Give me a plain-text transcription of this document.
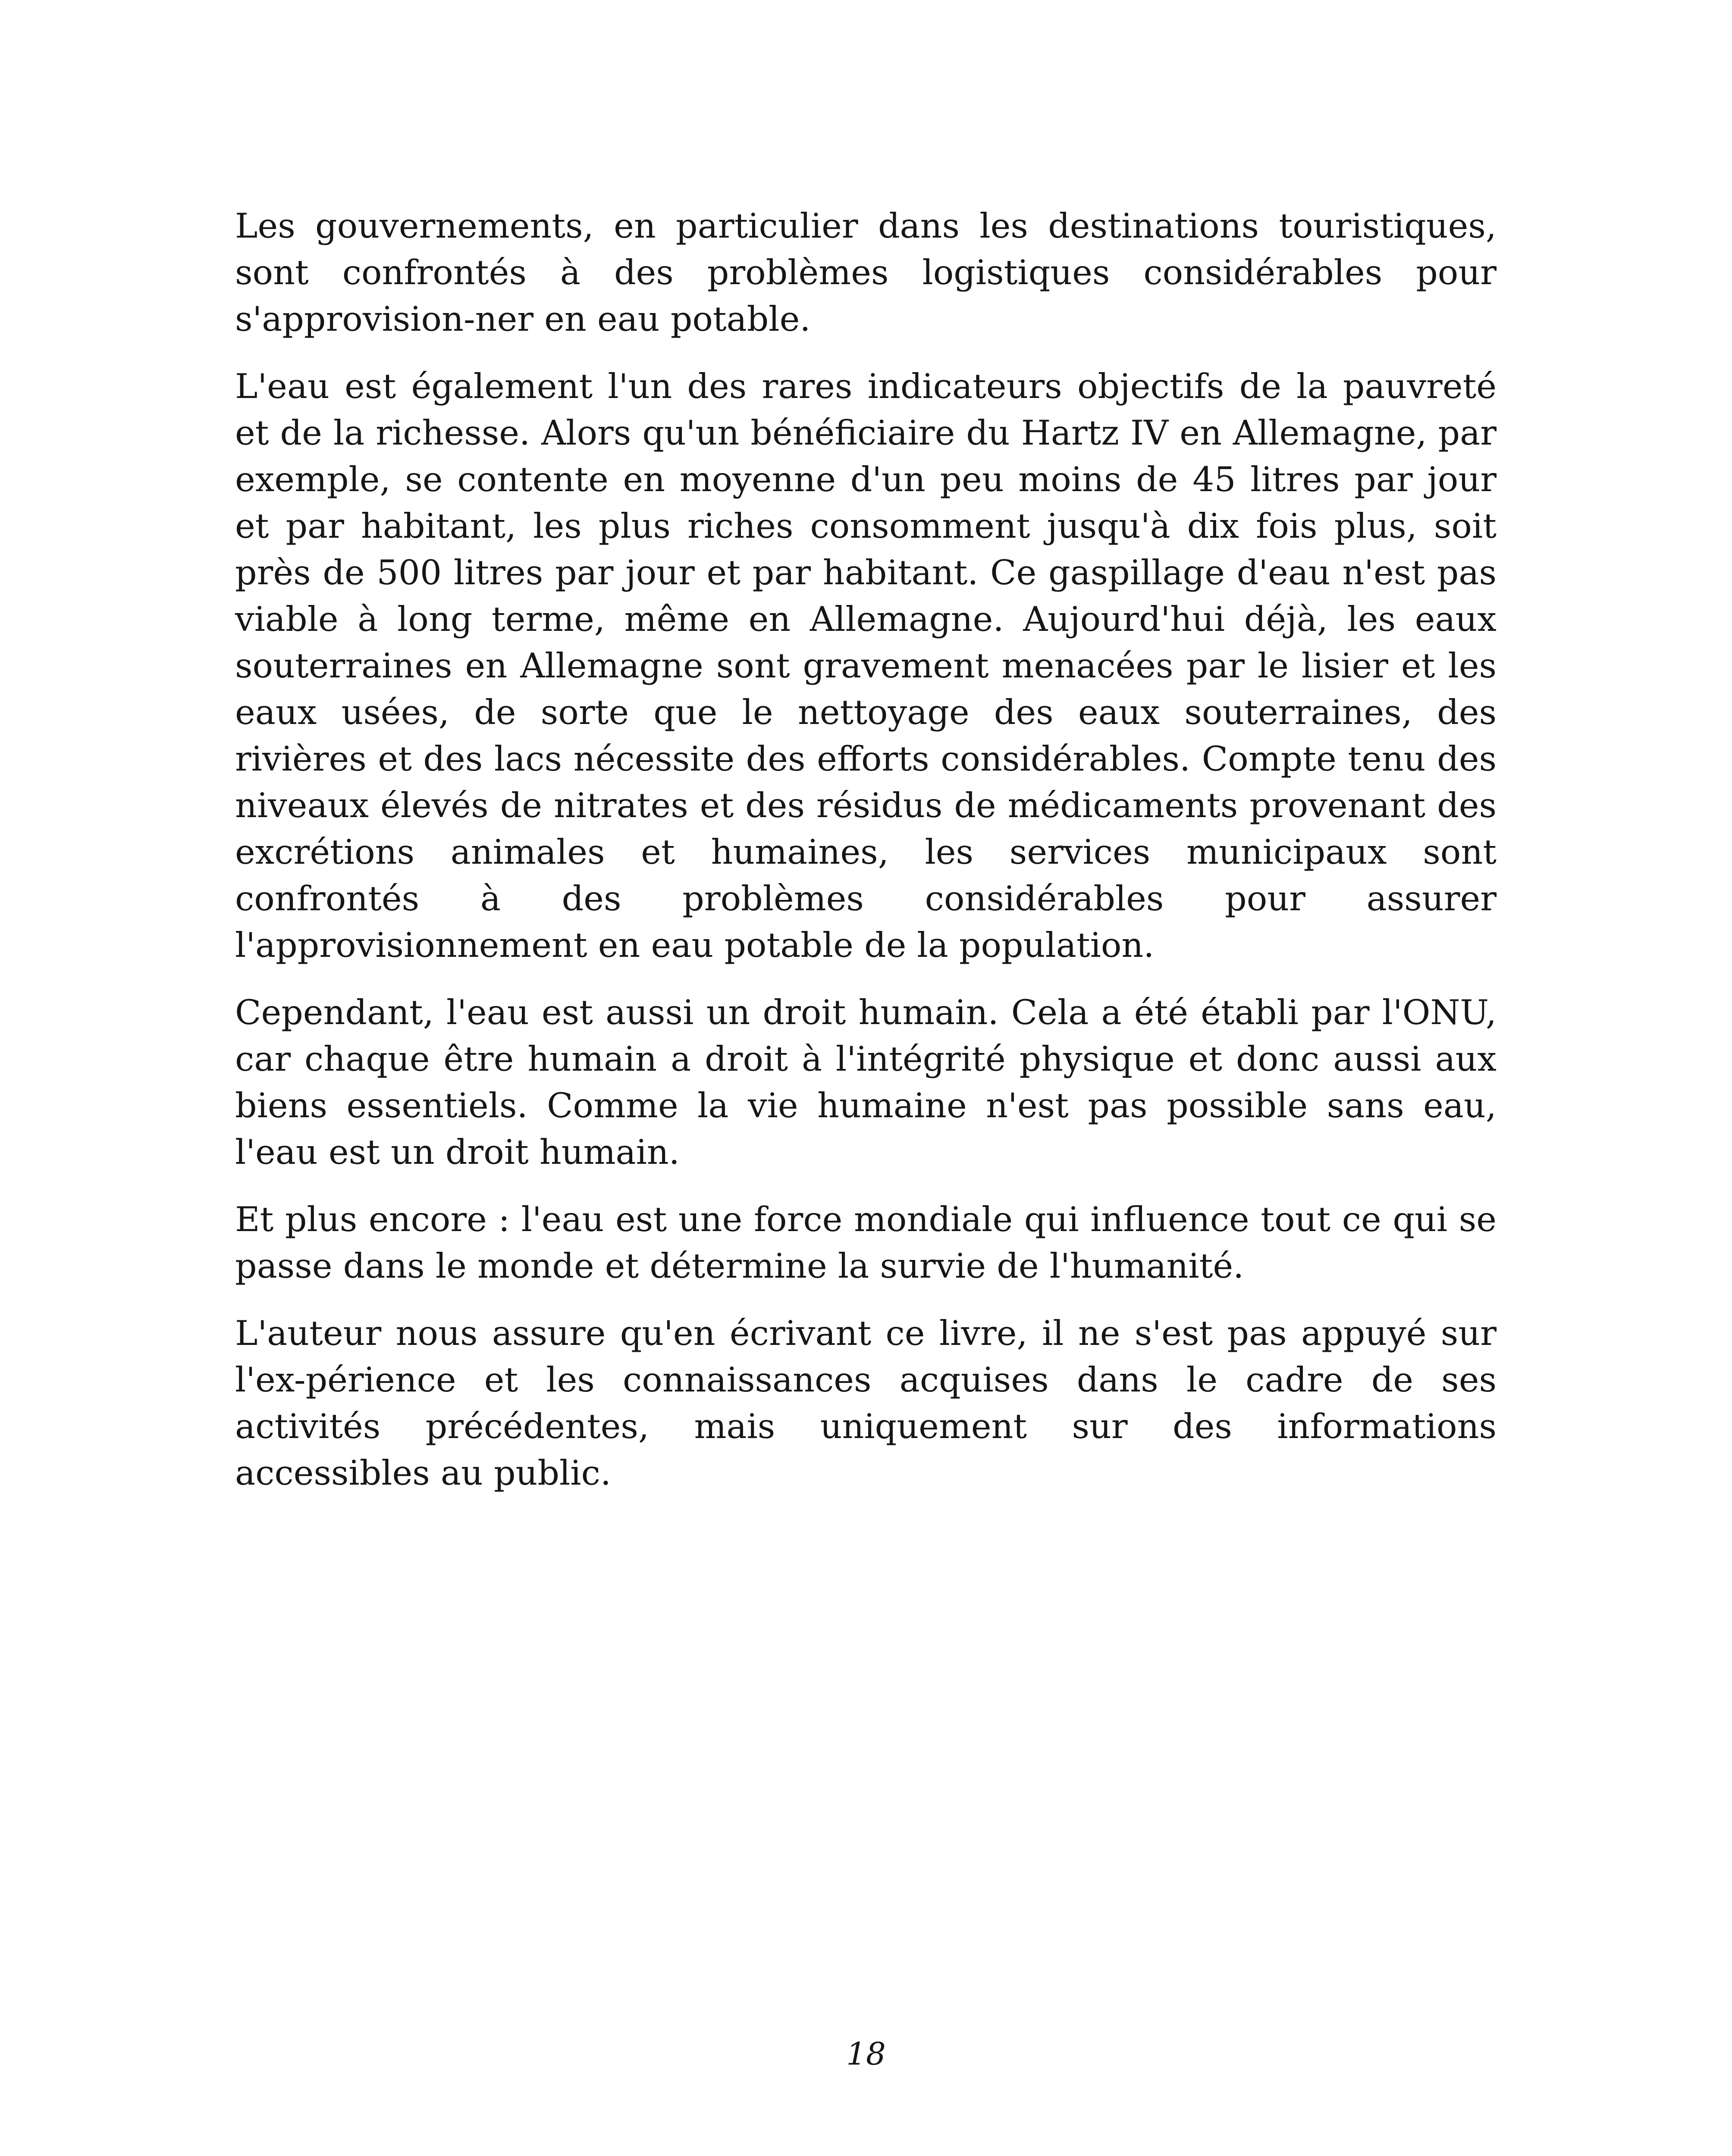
Les gouvernements, en particulier dans les destinations touristiques, sont confrontés à des problèmes logistiques considérables pour s'approvision-ner en eau potable.

L'eau est également l'un des rares indicateurs objectifs de la pauvreté et de la richesse. Alors qu'un bénéficiaire du Hartz IV en Allemagne, par exemple, se contente en moyenne d'un peu moins de 45 litres par jour et par habitant, les plus riches consomment jusqu'à dix fois plus, soit près de 500 litres par jour et par habitant. Ce gaspillage d'eau n'est pas viable à long terme, même en Allemagne. Aujourd'hui déjà, les eaux souterraines en Allemagne sont gravement menacées par le lisier et les eaux usées, de sorte que le nettoyage des eaux souterraines, des rivières et des lacs nécessite des efforts considérables. Compte tenu des niveaux élevés de nitrates et des résidus de médicaments provenant des excrétions animales et humaines, les services municipaux sont confrontés à des problèmes considérables pour assurer l'approvisionnement en eau potable de la population.

Cependant, l'eau est aussi un droit humain. Cela a été établi par l'ONU, car chaque être humain a droit à l'intégrité physique et donc aussi aux biens essentiels. Comme la vie humaine n'est pas possible sans eau, l'eau est un droit humain.

Et plus encore : l'eau est une force mondiale qui influence tout ce qui se passe dans le monde et détermine la survie de l'humanité.

L'auteur nous assure qu'en écrivant ce livre, il ne s'est pas appuyé sur l'ex-périence et les connaissances acquises dans le cadre de ses activités précédentes, mais uniquement sur des informations accessibles au public.

18
